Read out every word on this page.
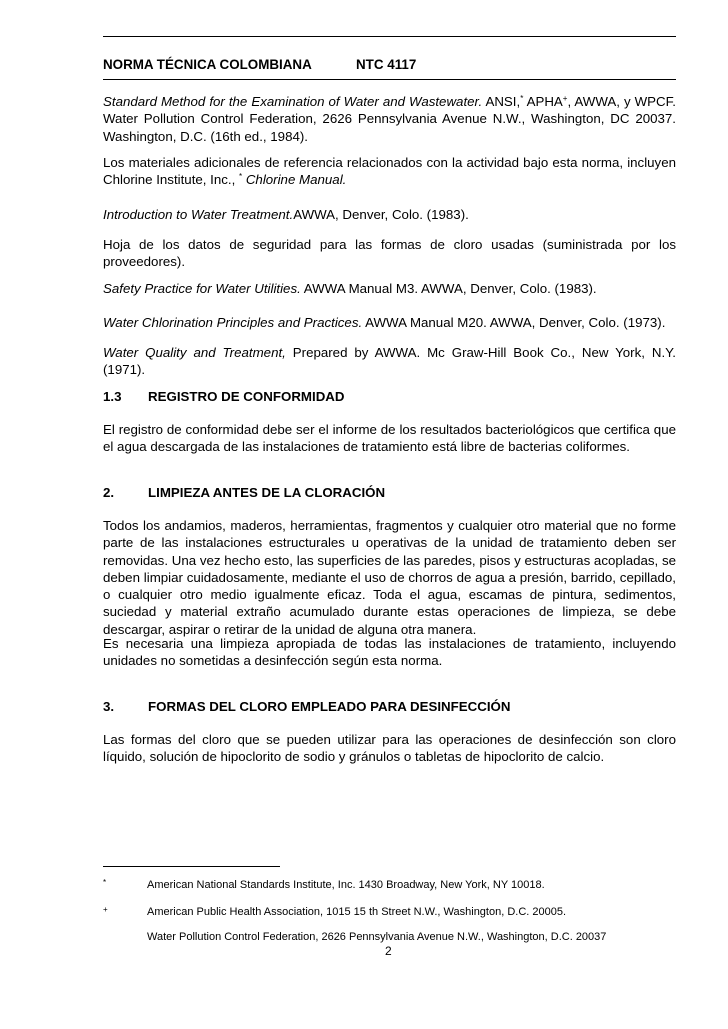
NORMA TÉCNICA COLOMBIANA	NTC 4117

Standard Method for the Examination of Water and Wastewater. ANSI,* APHA+, AWWA, y WPCF. Water Pollution Control Federation, 2626 Pennsylvania Avenue N.W., Washington, DC 20037. Washington, D.C. (16th ed., 1984).

Los materiales adicionales de referencia relacionados con la actividad bajo esta norma, incluyen Chlorine Institute, Inc., * Chlorine Manual.

Introduction to Water Treatment.AWWA, Denver, Colo. (1983).

Hoja de los datos de seguridad para las formas de cloro usadas (suministrada por los proveedores).

Safety Practice for Water Utilities. AWWA Manual M3. AWWA, Denver, Colo. (1983).

Water Chlorination Principles and Practices. AWWA Manual M20. AWWA, Denver, Colo. (1973).

Water Quality and Treatment, Prepared by AWWA. Mc Graw-Hill Book Co., New York, N.Y. (1971).

1.3 REGISTRO DE CONFORMIDAD

El registro de conformidad debe ser el informe de los resultados bacteriológicos que certifica que el agua descargada de las instalaciones de tratamiento está libre de bacterias coliformes.

2.	LIMPIEZA ANTES DE LA CLORACIÓN

Todos los andamios, maderos, herramientas, fragmentos y cualquier otro material que no forme parte de las instalaciones estructurales u operativas de la unidad de tratamiento deben ser removidas. Una vez hecho esto, las superficies de las paredes, pisos y estructuras acopladas, se deben limpiar cuidadosamente, mediante el uso de chorros de agua a presión, barrido, cepillado, o cualquier otro medio igualmente eficaz. Toda el agua, escamas de pintura, sedimentos, suciedad y material extraño acumulado durante estas operaciones de limpieza, se debe descargar, aspirar o retirar de la unidad de alguna otra manera.

Es necesaria una limpieza apropiada de todas las instalaciones de tratamiento, incluyendo unidades no sometidas a desinfección según esta norma.

3.	FORMAS DEL CLORO EMPLEADO PARA DESINFECCIÓN

Las formas del cloro que se pueden utilizar para las operaciones de desinfección son cloro líquido, solución de hipoclorito de sodio y gránulos o tabletas de hipoclorito de calcio.

*	American National Standards Institute, Inc. 1430 Broadway, New York, NY 10018.
+	American Public Health Association, 1015 15 th Street N.W., Washington, D.C. 20005.
Water Pollution Control Federation, 2626 Pennsylvania Avenue N.W., Washington, D.C. 20037
2
